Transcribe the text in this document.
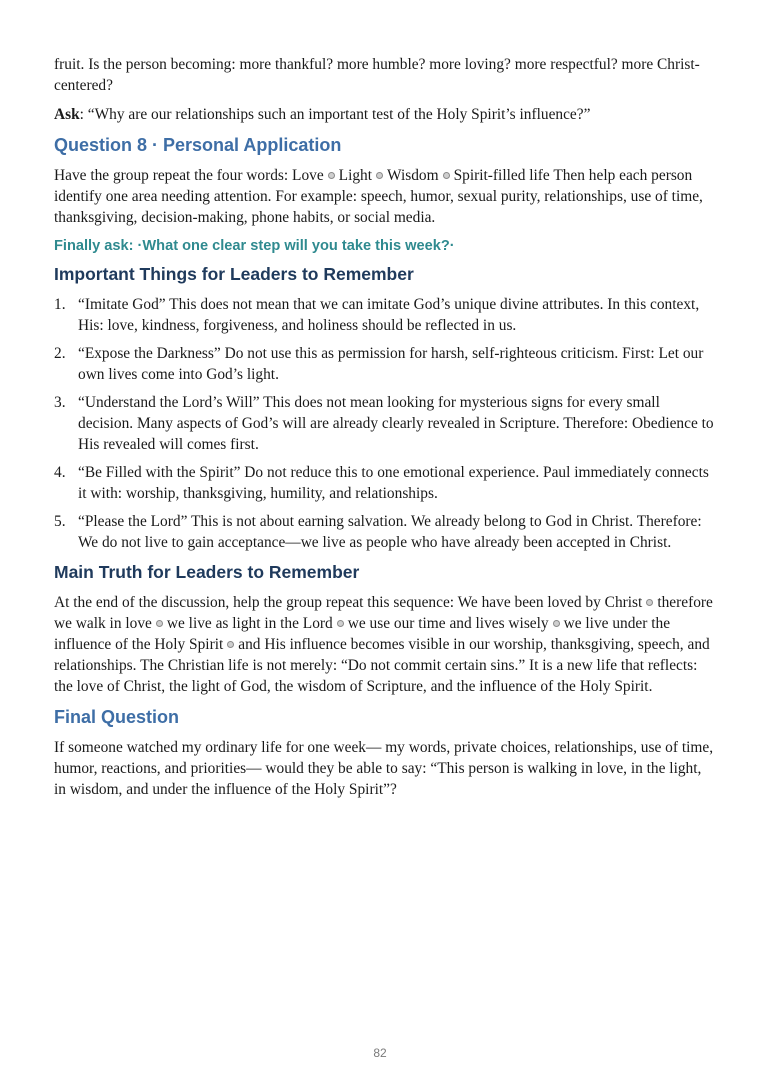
fruit. Is the person becoming: more thankful? more humble? more loving? more respectful? more Christ-centered?

Ask: “Why are our relationships such an important test of the Holy Spirit’s influence?”

Question 8 · Personal Application

Have the group repeat the four words: Love Light Wisdom Spirit-filled life Then help each person identify one area needing attention. For example: speech, humor, sexual purity, relationships, use of time, thanksgiving, decision-making, phone habits, or social media.

Finally ask: ·What one clear step will you take this week?·

Important Things for Leaders to Remember
1. “Imitate God” This does not mean that we can imitate God’s unique divine attributes. In this context, His: love, kindness, forgiveness, and holiness should be reflected in us.
2. “Expose the Darkness” Do not use this as permission for harsh, self-righteous criticism. First: Let our own lives come into God’s light.
3. “Understand the Lord’s Will” This does not mean looking for mysterious signs for every small decision. Many aspects of God’s will are already clearly revealed in Scripture. Therefore: Obedience to His revealed will comes first.
4. “Be Filled with the Spirit” Do not reduce this to one emotional experience. Paul immediately connects it with: worship, thanksgiving, humility, and relationships.
5. “Please the Lord” This is not about earning salvation. We already belong to God in Christ. Therefore: We do not live to gain acceptance—we live as people who have already been accepted in Christ.
Main Truth for Leaders to Remember

At the end of the discussion, help the group repeat this sequence: We have been loved by Christ therefore we walk in love we live as light in the Lord we use our time and lives wisely we live under the influence of the Holy Spirit and His influence becomes visible in our worship, thanksgiving, speech, and relationships. The Christian life is not merely: “Do not commit certain sins.” It is a new life that reflects: the love of Christ, the light of God, the wisdom of Scripture, and the influence of the Holy Spirit.

Final Question

If someone watched my ordinary life for one week— my words, private choices, relationships, use of time, humor, reactions, and priorities— would they be able to say: “This person is walking in love, in the light, in wisdom, and under the influence of the Holy Spirit”?

82
